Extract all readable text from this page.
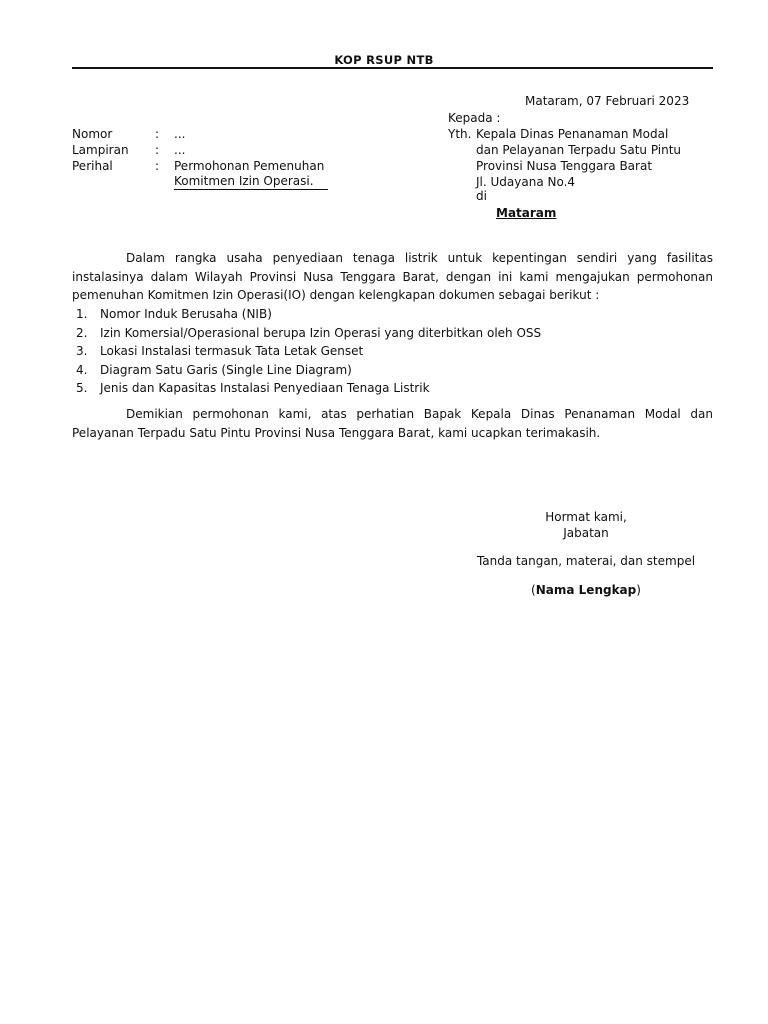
KOP RSUP NTB
Mataram, 07 Februari 2023
Kepada :
Nomor	: ...
Lampiran : ...
Perihal	: Permohonan Pemenuhan
Komitmen Izin Operasi.
Yth. Kepala Dinas Penanaman Modal
dan Pelayanan Terpadu Satu Pintu
Provinsi Nusa Tenggara Barat
Jl. Udayana No.4
di
Mataram

Dalam rangka usaha penyediaan tenaga listrik untuk kepentingan sendiri yang fasilitas instalasinya dalam Wilayah Provinsi Nusa Tenggara Barat, dengan ini kami mengajukan permohonan pemenuhan Komitmen Izin Operasi(IO) dengan kelengkapan dokumen sebagai berikut :

1. Nomor Induk Berusaha (NIB)
2. Izin Komersial/Operasional berupa Izin Operasi yang diterbitkan oleh OSS
3. Lokasi Instalasi termasuk Tata Letak Genset
4. Diagram Satu Garis (Single Line Diagram)
5. Jenis dan Kapasitas Instalasi Penyediaan Tenaga Listrik

Demikian permohonan kami, atas perhatian Bapak Kepala Dinas Penanaman Modal dan Pelayanan Terpadu Satu Pintu Provinsi Nusa Tenggara Barat, kami ucapkan terimakasih.

Hormat kami,
Jabatan
Tanda tangan, materai, dan stempel
(Nama Lengkap)
